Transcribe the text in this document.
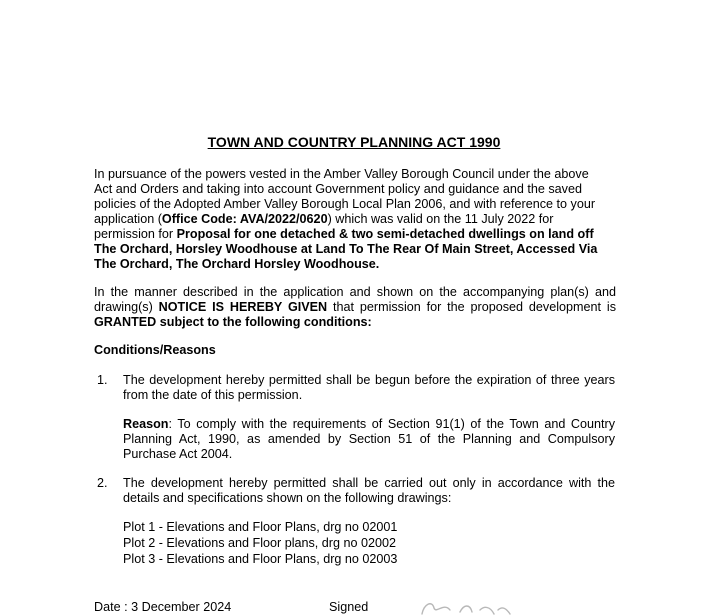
TOWN AND COUNTRY PLANNING ACT 1990
In pursuance of the powers vested in the Amber Valley Borough Council under the above
Act and Orders and taking into account Government policy and guidance and the saved
policies of the Adopted Amber Valley Borough Local Plan 2006, and with reference to your
application (Office Code: AVA/2022/0620) which was valid on the 11 July 2022 for
permission for Proposal for one detached & two semi-detached dwellings on land off
The Orchard, Horsley Woodhouse at Land To The Rear Of Main Street, Accessed Via
The Orchard, The Orchard Horsley Woodhouse.
In the manner described in the application and shown on the accompanying plan(s) and drawing(s) NOTICE IS HEREBY GIVEN that permission for the proposed development is GRANTED subject to the following conditions:
Conditions/Reasons
1. The development hereby permitted shall be begun before the expiration of three years from the date of this permission.
Reason: To comply with the requirements of Section 91(1) of the Town and Country Planning Act, 1990, as amended by Section 51 of the Planning and Compulsory Purchase Act 2004.
2. The development hereby permitted shall be carried out only in accordance with the details and specifications shown on the following drawings:
Plot 1 - Elevations and Floor Plans, drg no 02001
Plot 2 - Elevations and Floor plans, drg no 02002
Plot 3 - Elevations and Floor Plans, drg no 02003
Date : 3 December 2024	Signed
